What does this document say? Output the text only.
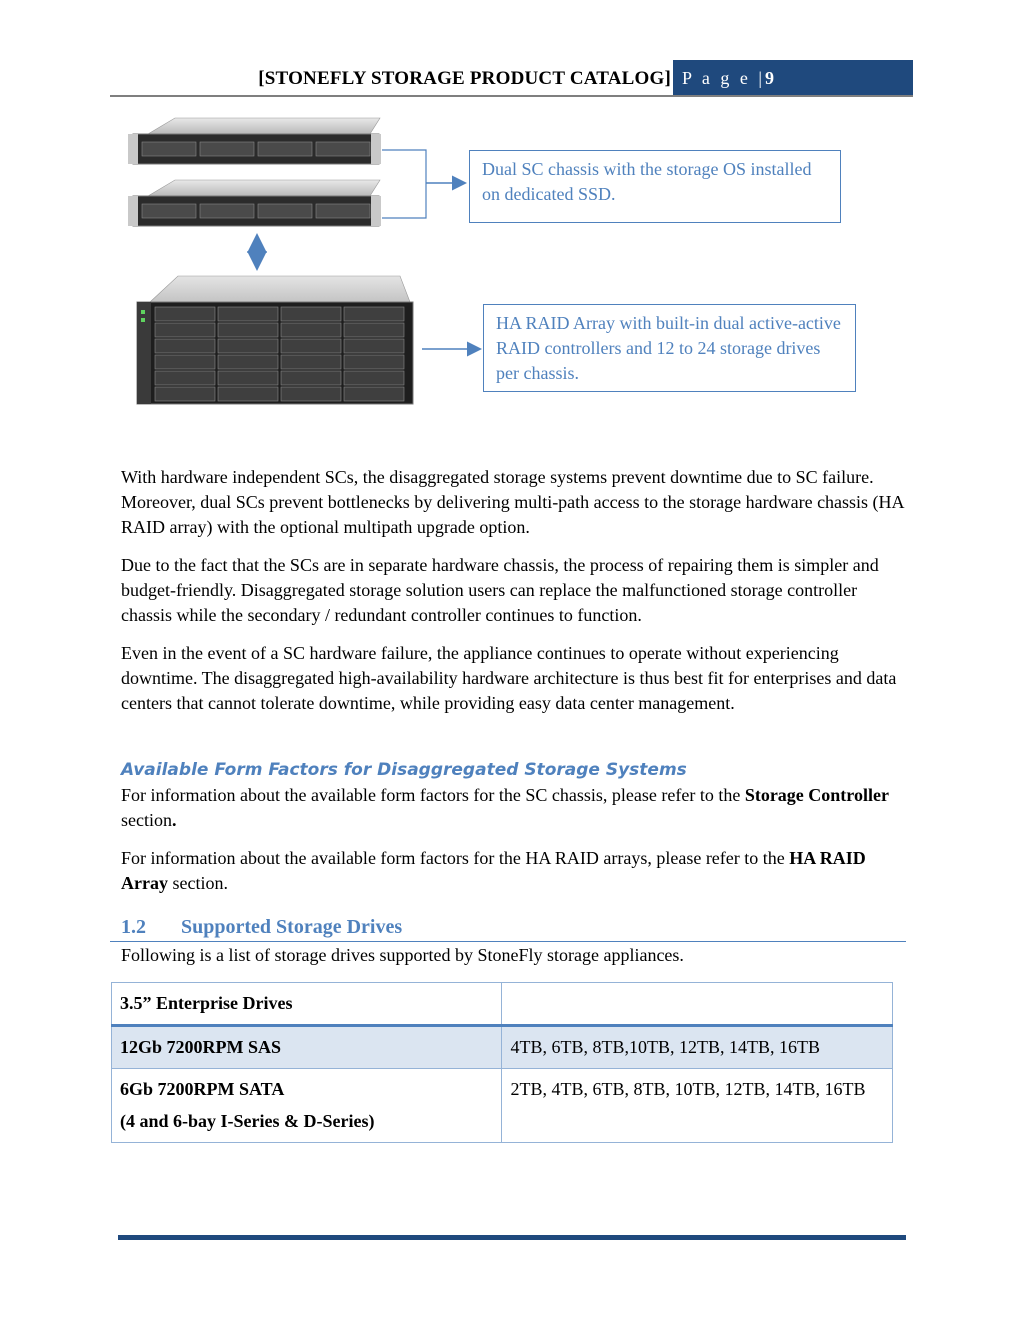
[STONEFLY STORAGE PRODUCT CATALOG] P a g e |9
Dual SC chassis with the storage OS installed on dedicated SSD.
HA RAID Array with built-in dual active-active RAID controllers and 12 to 24 storage drives per chassis.
With hardware independent SCs, the disaggregated storage systems prevent downtime due to SC failure. Moreover, dual SCs prevent bottlenecks by delivering multi-path access to the storage hardware chassis (HA RAID array) with the optional multipath upgrade option.
Due to the fact that the SCs are in separate hardware chassis, the process of repairing them is simpler and budget-friendly. Disaggregated storage solution users can replace the malfunctioned storage controller chassis while the secondary / redundant controller continues to function.
Even in the event of a SC hardware failure, the appliance continues to operate without experiencing downtime. The disaggregated high-availability hardware architecture is thus best fit for enterprises and data centers that cannot tolerate downtime, while providing easy data center management.
Available Form Factors for Disaggregated Storage Systems
For information about the available form factors for the SC chassis, please refer to the Storage Controller section.
For information about the available form factors for the HA RAID arrays, please refer to the HA RAID Array section.
1.2 Supported Storage Drives
Following is a list of storage drives supported by StoneFly storage appliances.
3.5” Enterprise Drives	
12Gb 7200RPM SAS	4TB, 6TB, 8TB,10TB, 12TB, 14TB, 16TB

6Gb 7200RPM SATA
(4 and 6-bay I-Series & D-Series)	2TB, 4TB, 6TB, 8TB, 10TB, 12TB, 14TB, 16TB
